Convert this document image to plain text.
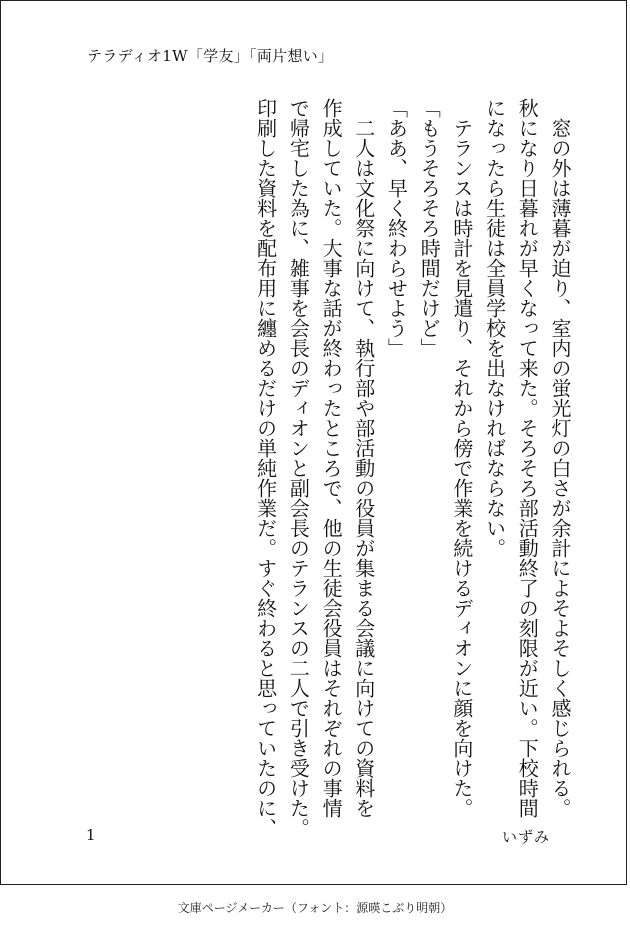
テラディオ1W「学友」「両片想い」
　窓の外は薄暮が迫り、室内の蛍光灯の白さが余計によそよそしく感じられる。
秋になり日暮れが早くなって来た。そろそろ部活動終了の刻限が近い。下校時間
になったら生徒は全員学校を出なければならない。
　テランスは時計を見遣り、それから傍で作業を続けるディオンに顔を向けた。
「もうそろそろ時間だけど」
「ああ、早く終わらせよう」
　二人は文化祭に向けて、執行部や部活動の役員が集まる会議に向けての資料を
作成していた。大事な話が終わったところで、他の生徒会役員はそれぞれの事情
で帰宅した為に、雑事を会長のディオンと副会長のテランスの二人で引き受けた。
印刷した資料を配布用に纏めるだけの単純作業だ。すぐ終わると思っていたのに、
1	いずみ
文庫ページメーカー（フォント：源暎こぶり明朝）
